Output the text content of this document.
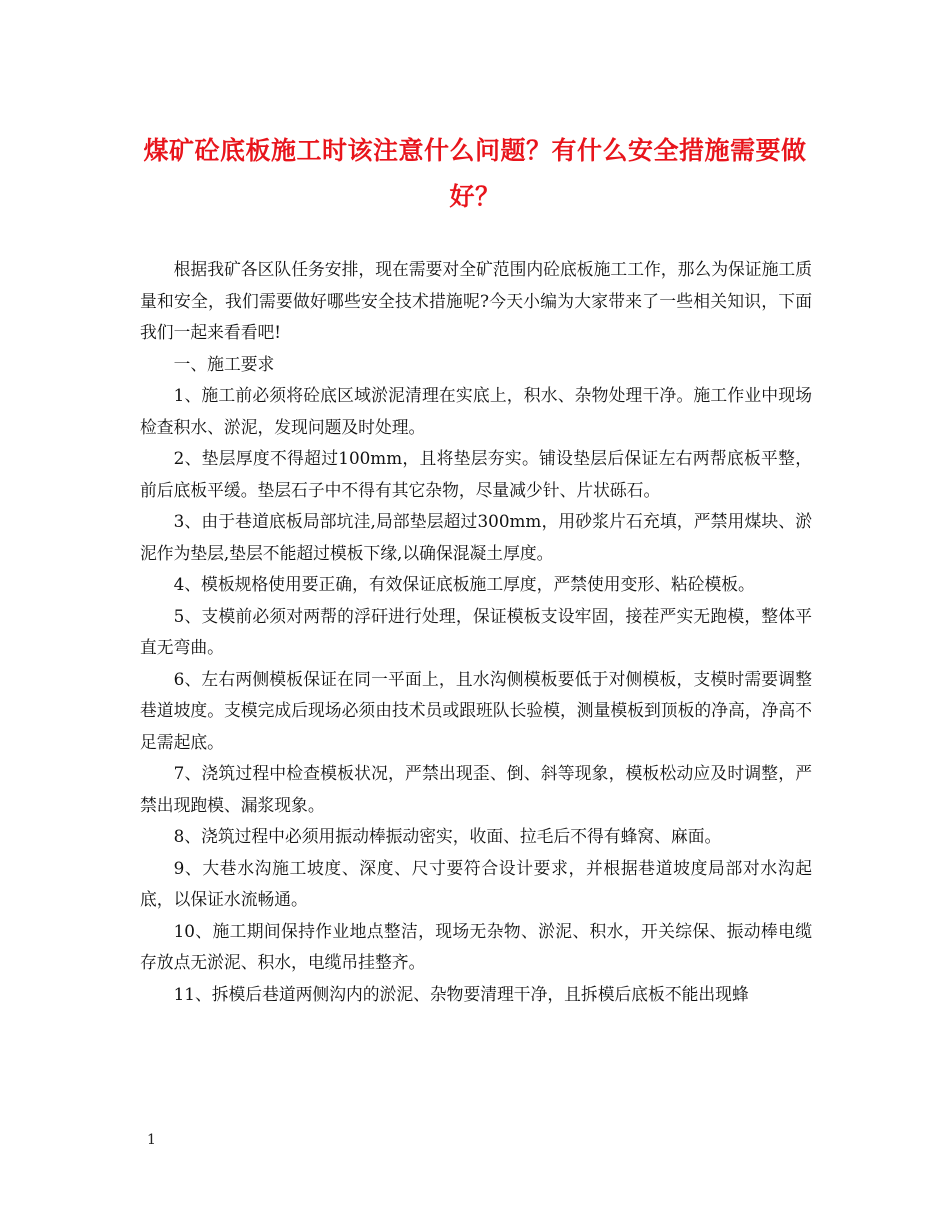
煤矿砼底板施工时该注意什么问题？有什么安全措施需要做好？

根据我矿各区队任务安排，现在需要对全矿范围内砼底板施工工作，那么为保证施工质量和安全，我们需要做好哪些安全技术措施呢?今天小编为大家带来了一些相关知识，下面我们一起来看看吧!

一、施工要求

1、施工前必须将砼底区域淤泥清理在实底上，积水、杂物处理干净。施工作业中现场检查积水、淤泥，发现问题及时处理。

2、垫层厚度不得超过100mm，且将垫层夯实。铺设垫层后保证左右两帮底板平整，前后底板平缓。垫层石子中不得有其它杂物，尽量减少针、片状砾石。

3、由于巷道底板局部坑洼,局部垫层超过300mm，用砂浆片石充填，严禁用煤块、淤泥作为垫层,垫层不能超过模板下缘,以确保混凝土厚度。

4、模板规格使用要正确，有效保证底板施工厚度，严禁使用变形、粘砼模板。

5、支模前必须对两帮的浮矸进行处理，保证模板支设牢固，接茬严实无跑模，整体平直无弯曲。

6、左右两侧模板保证在同一平面上，且水沟侧模板要低于对侧模板，支模时需要调整巷道坡度。支模完成后现场必须由技术员或跟班队长验模，测量模板到顶板的净高，净高不足需起底。

7、浇筑过程中检查模板状况，严禁出现歪、倒、斜等现象，模板松动应及时调整，严禁出现跑模、漏浆现象。

8、浇筑过程中必须用振动棒振动密实，收面、拉毛后不得有蜂窝、麻面。

9、大巷水沟施工坡度、深度、尺寸要符合设计要求，并根据巷道坡度局部对水沟起底，以保证水流畅通。

10、施工期间保持作业地点整洁，现场无杂物、淤泥、积水，开关综保、振动棒电缆存放点无淤泥、积水，电缆吊挂整齐。

11、拆模后巷道两侧沟内的淤泥、杂物要清理干净，且拆模后底板不能出现蜂

1
